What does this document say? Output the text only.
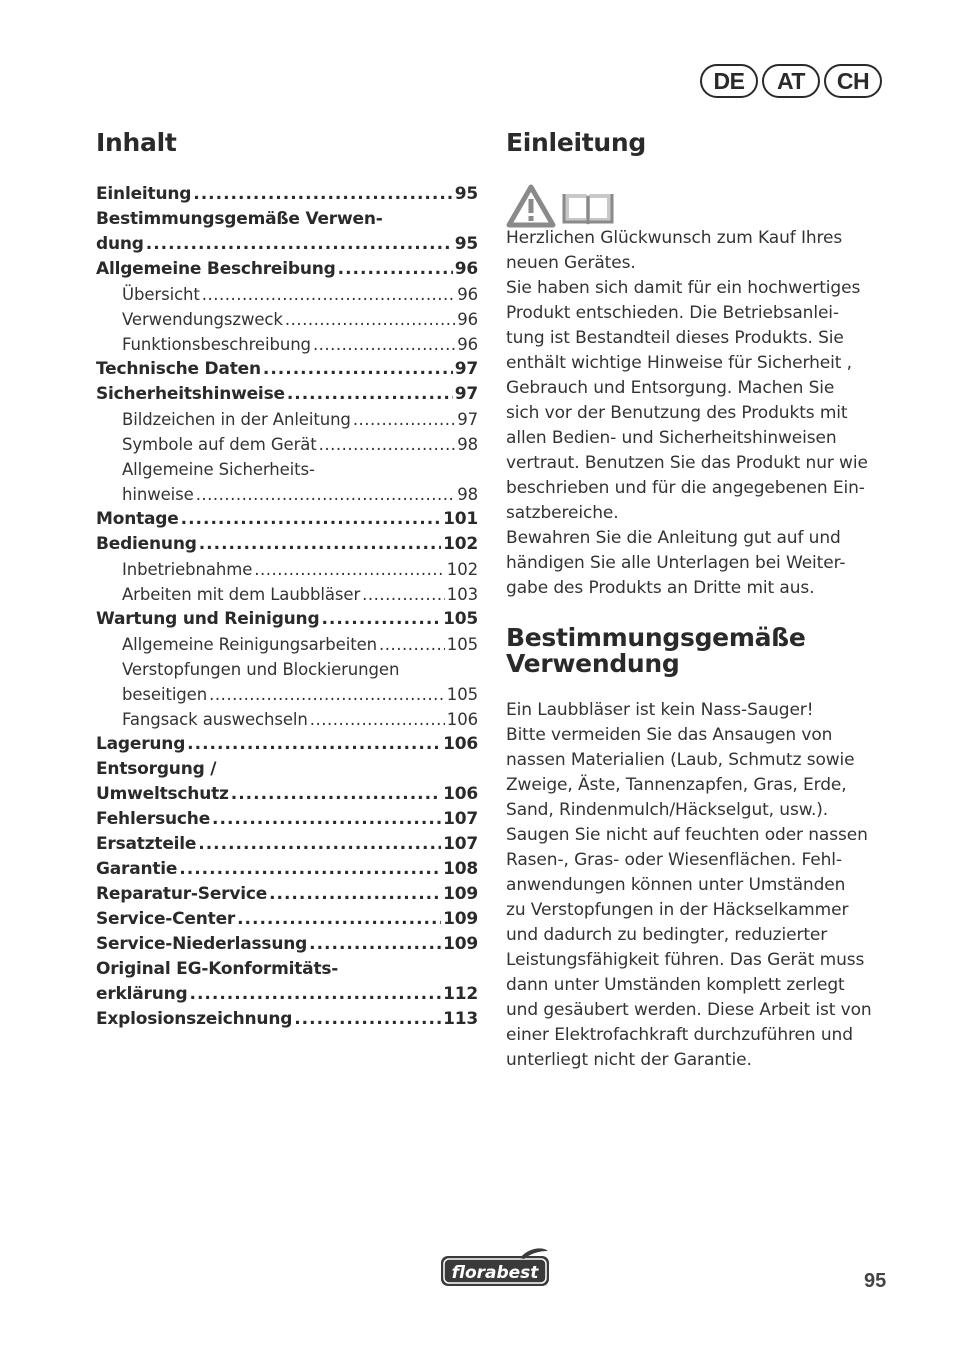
DE	AT	CH
Inhalt
Einleitung .....	95
Bestimmungsgemäße Verwen-
dung .....	95
Allgemeine Beschreibung .....	96
Übersicht .....	96
Verwendungszweck .....	96
Funktionsbeschreibung .....	96
Technische Daten .....	97
Sicherheitshinweise .....	97
Bildzeichen in der Anleitung .....	97
Symbole auf dem Gerät .....	98
Allgemeine Sicherheits-
hinweise .....	98
Montage .....	101
Bedienung .....	102
Inbetriebnahme .....	102
Arbeiten mit dem Laubbläser .....	103
Wartung und Reinigung .....	105
Allgemeine Reinigungsarbeiten .....	105
Verstopfungen und Blockierungen
beseitigen .....	105
Fangsack auswechseln .....	106
Lagerung .....	106
Entsorgung /
Umweltschutz .....	106
Fehlersuche .....	107
Ersatzteile .....	107
Garantie .....	108
Reparatur-Service .....	109
Service-Center .....	109
Service-Niederlassung .....	109
Original EG-Konformitäts-
erklärung .....	112
Explosionszeichnung .....	113
Einleitung

Herzlichen Glückwunsch zum Kauf Ihres

neuen Gerätes.

Sie haben sich damit für ein hochwertiges

Produkt entschieden. Die Betriebsanlei-

tung ist Bestandteil dieses Produkts. Sie

enthält wichtige Hinweise für Sicherheit ,

Gebrauch und Entsorgung. Machen Sie

sich vor der Benutzung des Produkts mit

allen Bedien- und Sicherheitshinweisen

vertraut. Benutzen Sie das Produkt nur wie

beschrieben und für die angegebenen Ein-

satzbereiche.

Bewahren Sie die Anleitung gut auf und

händigen Sie alle Unterlagen bei Weiter-

gabe des Produkts an Dritte mit aus.

Bestimmungsgemäße
Verwendung

Ein Laubbläser ist kein Nass-Sauger!

Bitte vermeiden Sie das Ansaugen von

nassen Materialien (Laub, Schmutz sowie

Zweige, Äste, Tannenzapfen, Gras, Erde,

Sand, Rindenmulch/Häckselgut, usw.).

Saugen Sie nicht auf feuchten oder nassen

Rasen-, Gras- oder Wiesenflächen. Fehl-

anwendungen können unter Umständen

zu Verstopfungen in der Häckselkammer

und dadurch zu bedingter, reduzierter

Leistungsfähigkeit führen. Das Gerät muss

dann unter Umständen komplett zerlegt

und gesäubert werden. Diese Arbeit ist von

einer Elektrofachkraft durchzuführen und

unterliegt nicht der Garantie.

florabest	95
